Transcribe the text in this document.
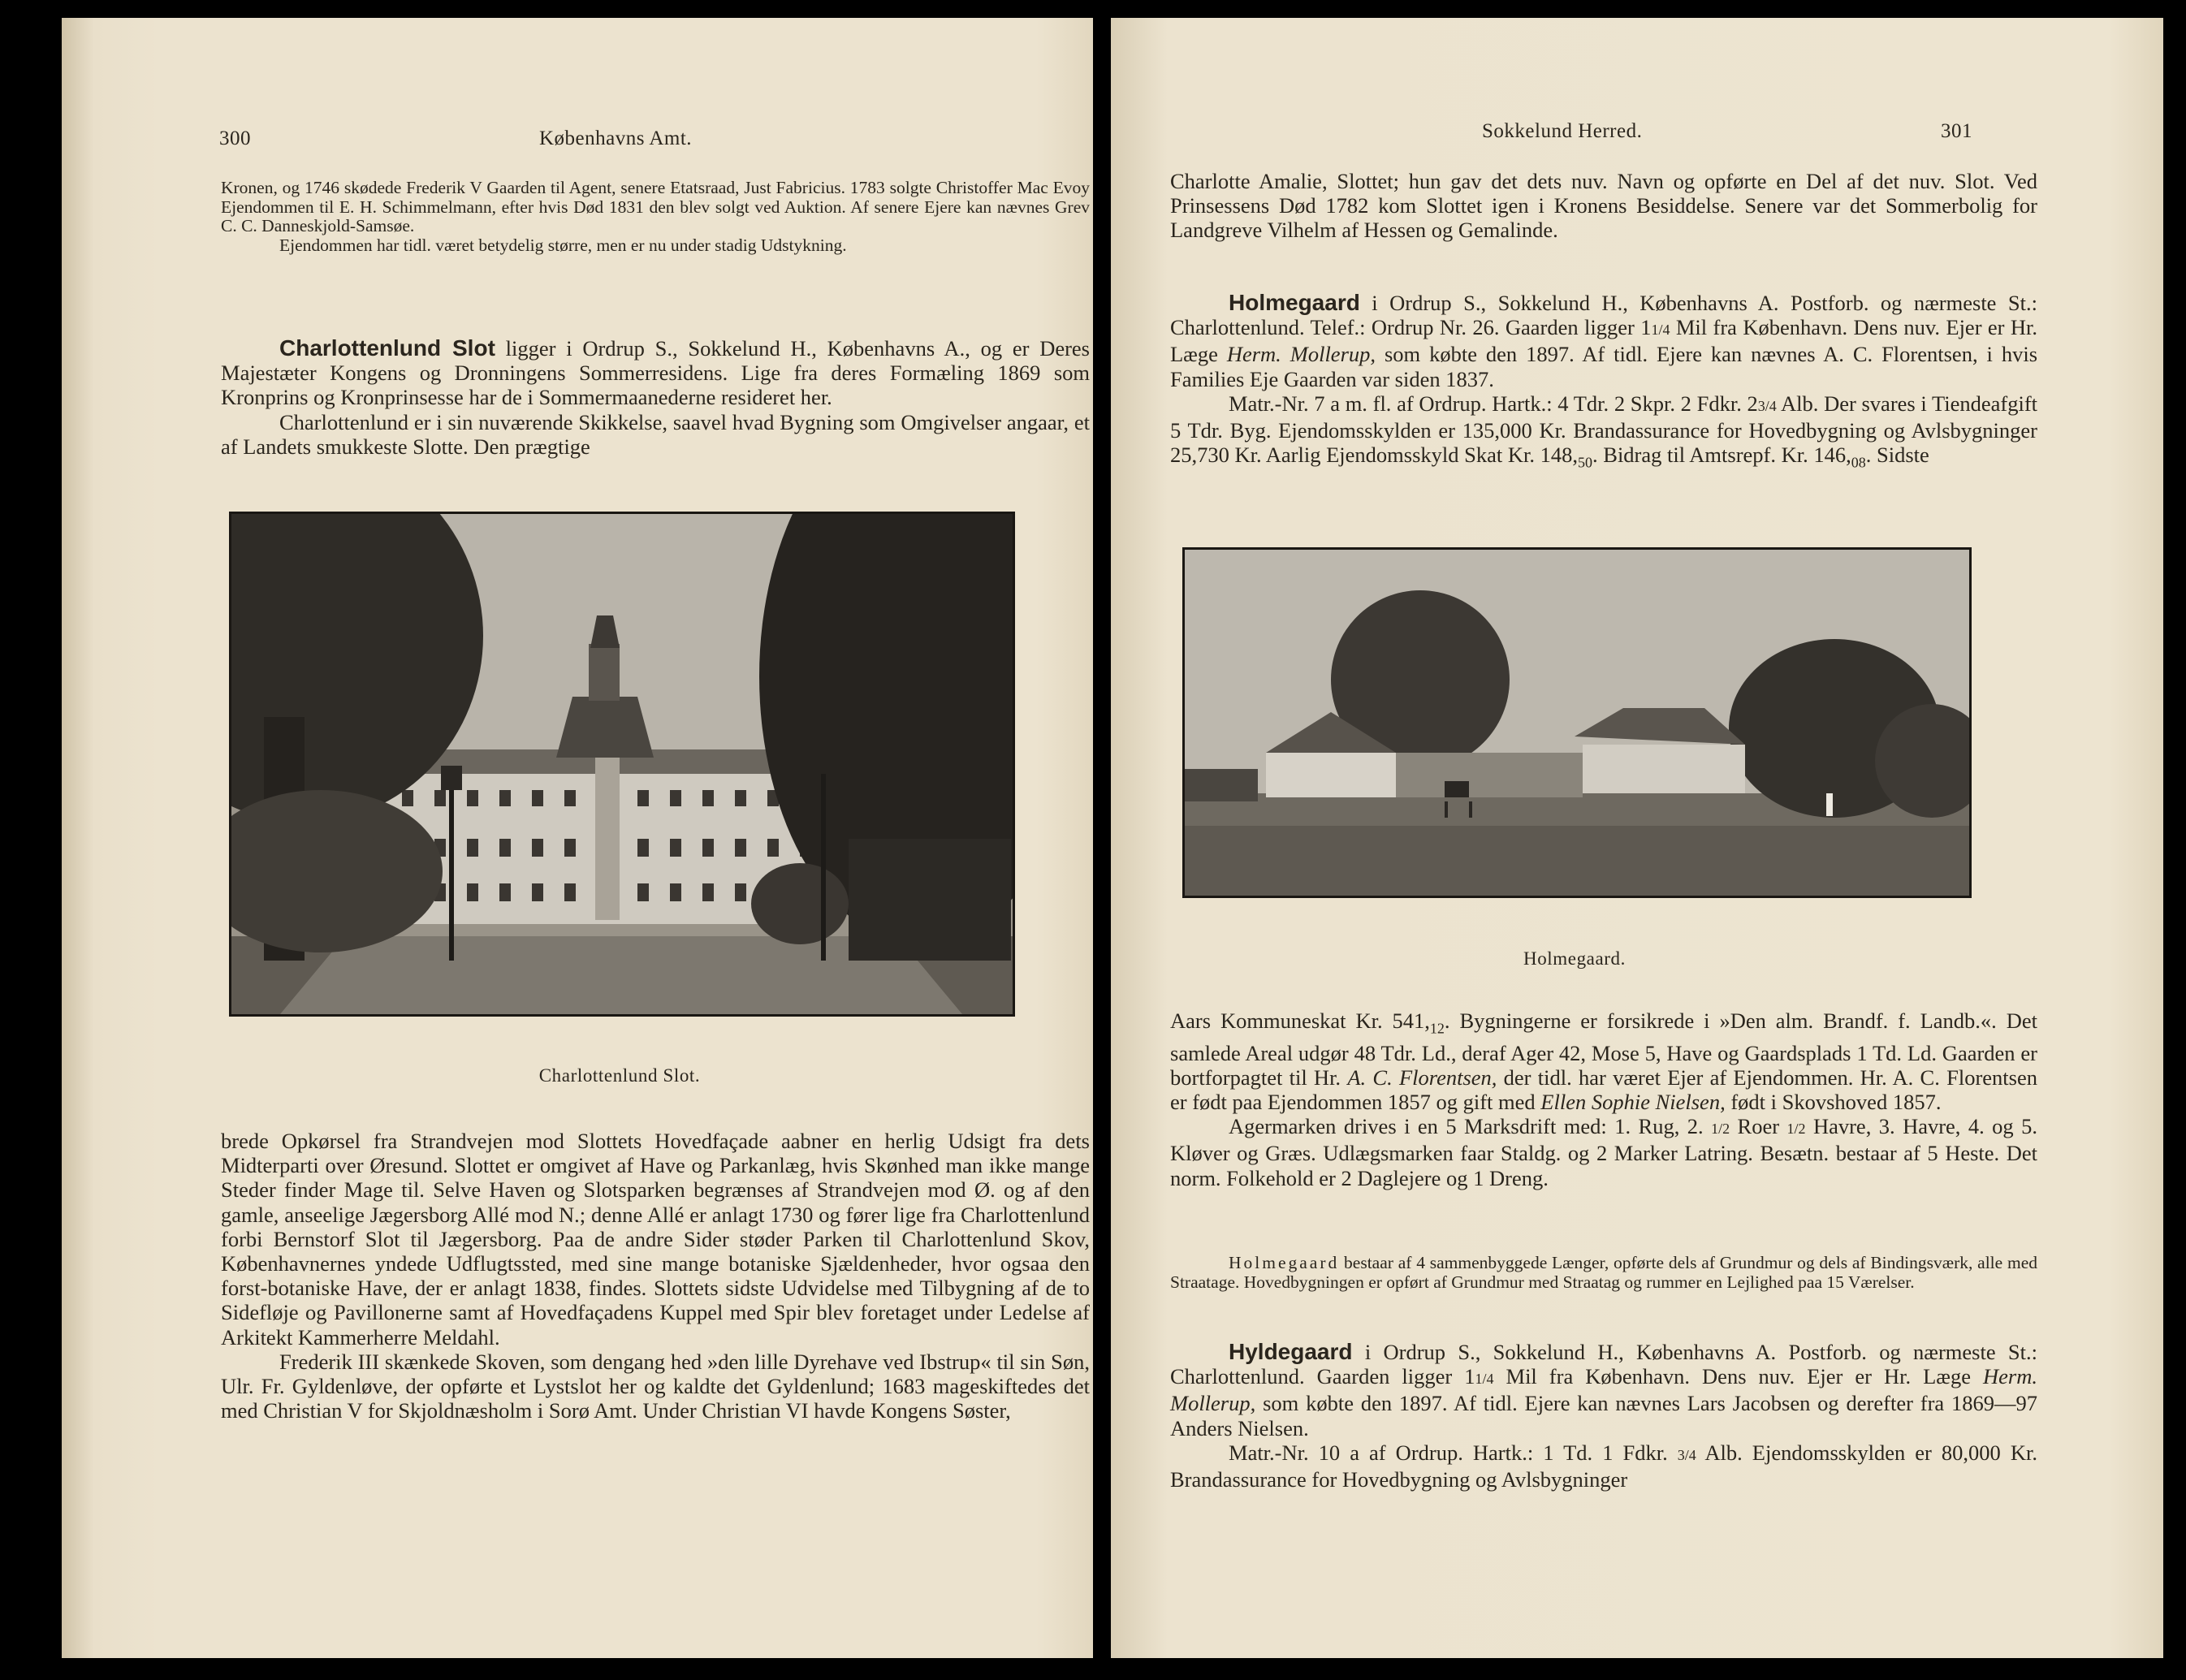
300	Københavns Amt.

Kronen, og 1746 skødede Frederik V Gaarden til Agent, senere Etatsraad, Just Fabricius. 1783 solgte Christoffer Mac Evoy Ejendommen til E. H. Schimmelmann, efter hvis Død 1831 den blev solgt ved Auktion. Af senere Ejere kan nævnes Grev C. C. Danneskjold-Samsøe.

Ejendommen har tidl. været betydelig større, men er nu under stadig Udstykning.

Charlottenlund Slot ligger i Ordrup S., Sokkelund H., Københavns A., og er Deres Majestæter Kongens og Dronningens Sommerresidens. Lige fra deres Formæling 1869 som Kronprins og Kronprinsesse har de i Sommermaanederne resideret her.

Charlottenlund er i sin nuværende Skikkelse, saavel hvad Bygning som Omgivelser angaar, et af Landets smukkeste Slotte. Den prægtige

Charlottenlund Slot.

brede Opkørsel fra Strandvejen mod Slottets Hovedfaçade aabner en herlig Udsigt fra dets Midterparti over Øresund. Slottet er omgivet af Have og Parkanlæg, hvis Skønhed man ikke mange Steder finder Mage til. Selve Haven og Slotsparken begrænses af Strandvejen mod Ø. og af den gamle, anseelige Jægersborg Allé mod N.; denne Allé er anlagt 1730 og fører lige fra Charlottenlund forbi Bernstorf Slot til Jægersborg. Paa de andre Sider støder Parken til Charlottenlund Skov, Københavnernes yndede Udflugtssted, med sine mange botaniske Sjældenheder, hvor ogsaa den forst-botaniske Have, der er anlagt 1838, findes. Slottets sidste Udvidelse med Tilbygning af de to Sidefløje og Pavillonerne samt af Hovedfaçadens Kuppel med Spir blev foretaget under Ledelse af Arkitekt Kammerherre Meldahl.

Frederik III skænkede Skoven, som dengang hed »den lille Dyrehave ved Ibstrup« til sin Søn, Ulr. Fr. Gyldenløve, der opførte et Lystslot her og kaldte det Gyldenlund; 1683 mageskiftedes det med Christian V for Skjoldnæsholm i Sorø Amt. Under Christian VI havde Kongens Søster,

Sokkelund Herred.	301

Charlotte Amalie, Slottet; hun gav det dets nuv. Navn og opførte en Del af det nuv. Slot. Ved Prinsessens Død 1782 kom Slottet igen i Kronens Besiddelse. Senere var det Sommerbolig for Landgreve Vilhelm af Hessen og Gemalinde.

Holmegaard i Ordrup S., Sokkelund H., Københavns A. Postforb. og nærmeste St.: Charlottenlund. Telef.: Ordrup Nr. 26. Gaarden ligger 11/4 Mil fra København. Dens nuv. Ejer er Hr. Læge Herm. Mollerup, som købte den 1897. Af tidl. Ejere kan nævnes A. C. Florentsen, i hvis Families Eje Gaarden var siden 1837.

Matr.-Nr. 7 a m. fl. af Ordrup. Hartk.: 4 Tdr. 2 Skpr. 2 Fdkr. 23/4 Alb. Der svares i Tiendeafgift 5 Tdr. Byg. Ejendomsskylden er 135,000 Kr. Brandassurance for Hovedbygning og Avlsbygninger 25,730 Kr. Aarlig Ejendomsskyld Skat Kr. $148,_{50}$. Bidrag til Amtsrepf. Kr. $146,_{08}$. Sidste

Holmegaard.

Aars Kommuneskat Kr. $541,_{12}$. Bygningerne er forsikrede i »Den alm. Brandf. f. Landb.«. Det samlede Areal udgør 48 Tdr. Ld., deraf Ager 42, Mose 5, Have og Gaardsplads 1 Td. Ld. Gaarden er bortforpagtet til Hr. A. C. Florentsen, der tidl. har været Ejer af Ejendommen. Hr. A. C. Florentsen er født paa Ejendommen 1857 og gift med Ellen Sophie Nielsen, født i Skovshoved 1857.

Agermarken drives i en 5 Marksdrift med: 1. Rug, 2. 1/2 Roer 1/2 Havre, 3. Havre, 4. og 5. Kløver og Græs. Udlægsmarken faar Staldg. og 2 Marker Latring. Besætn. bestaar af 5 Heste. Det norm. Folkehold er 2 Daglejere og 1 Dreng.

Holmegaard bestaar af 4 sammenbyggede Længer, opførte dels af Grundmur og dels af Bindingsværk, alle med Straatage. Hovedbygningen er opført af Grundmur med Straatag og rummer en Lejlighed paa 15 Værelser.

Hyldegaard i Ordrup S., Sokkelund H., Københavns A. Postforb. og nærmeste St.: Charlottenlund. Gaarden ligger 11/4 Mil fra København. Dens nuv. Ejer er Hr. Læge Herm. Mollerup, som købte den 1897. Af tidl. Ejere kan nævnes Lars Jacobsen og derefter fra 1869—97 Anders Nielsen.

Matr.-Nr. 10 a af Ordrup. Hartk.: 1 Td. 1 Fdkr. 3/4 Alb. Ejendomsskylden er 80,000 Kr. Brandassurance for Hovedbygning og Avlsbygninger
